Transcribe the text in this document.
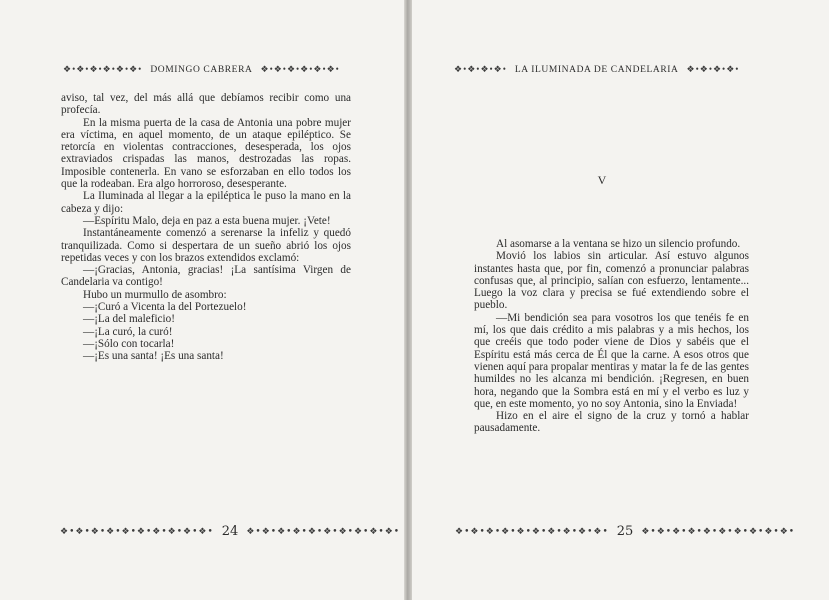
❖•❖•❖•❖•❖•❖• DOMINGO CABRERA ❖•❖•❖•❖•❖•❖•

aviso, tal vez, del más allá que debíamos recibir como una profecía.

En la misma puerta de la casa de Antonia una pobre mujer era víctima, en aquel momento, de un ataque epiléptico. Se retorcía en violentas contracciones, desesperada, los ojos extraviados crispadas las manos, destrozadas las ropas. Imposible contenerla. En vano se esforzaban en ello todos los que la rodeaban. Era algo horroroso, desesperante.

La Iluminada al llegar a la epiléptica le puso la mano en la cabeza y dijo:

—Espíritu Malo, deja en paz a esta buena mujer. ¡Vete!

Instantáneamente comenzó a serenarse la infeliz y quedó tranquilizada. Como si despertara de un sueño abrió los ojos repetidas veces y con los brazos extendidos exclamó:

—¡Gracias, Antonia, gracias! ¡La santísima Virgen de Candelaria va contigo!

Hubo un murmullo de asombro:

—¡Curó a Vicenta la del Portezuelo!

—¡La del maleficio!

—¡La curó, la curó!

—¡Sólo con tocarla!

—¡Es una santa! ¡Es una santa!

❖•❖•❖•❖•❖•❖•❖•❖•❖•❖• 24 ❖•❖•❖•❖•❖•❖•❖•❖•❖•❖•
❖•❖•❖•❖• LA ILUMINADA DE CANDELARIA ❖•❖•❖•❖•
V

Al asomarse a la ventana se hizo un silencio profundo.

Movió los labios sin articular. Así estuvo algunos instantes hasta que, por fin, comenzó a pronunciar palabras confusas que, al principio, salían con esfuerzo, lentamente... Luego la voz clara y precisa se fué extendiendo sobre el pueblo.

—Mi bendición sea para vosotros los que tenéis fe en mí, los que dais crédito a mis palabras y a mis hechos, los que creéis que todo poder viene de Dios y sabéis que el Espíritu está más cerca de Él que la carne. A esos otros que vienen aquí para propalar mentiras y matar la fe de las gentes humildes no les alcanza mi bendición. ¡Regresen, en buen hora, negando que la Sombra está en mí y el verbo es luz y que, en este momento, yo no soy Antonia, sino la Enviada!

Hizo en el aire el signo de la cruz y tornó a hablar pausadamente.

❖•❖•❖•❖•❖•❖•❖•❖•❖•❖• 25 ❖•❖•❖•❖•❖•❖•❖•❖•❖•❖•
